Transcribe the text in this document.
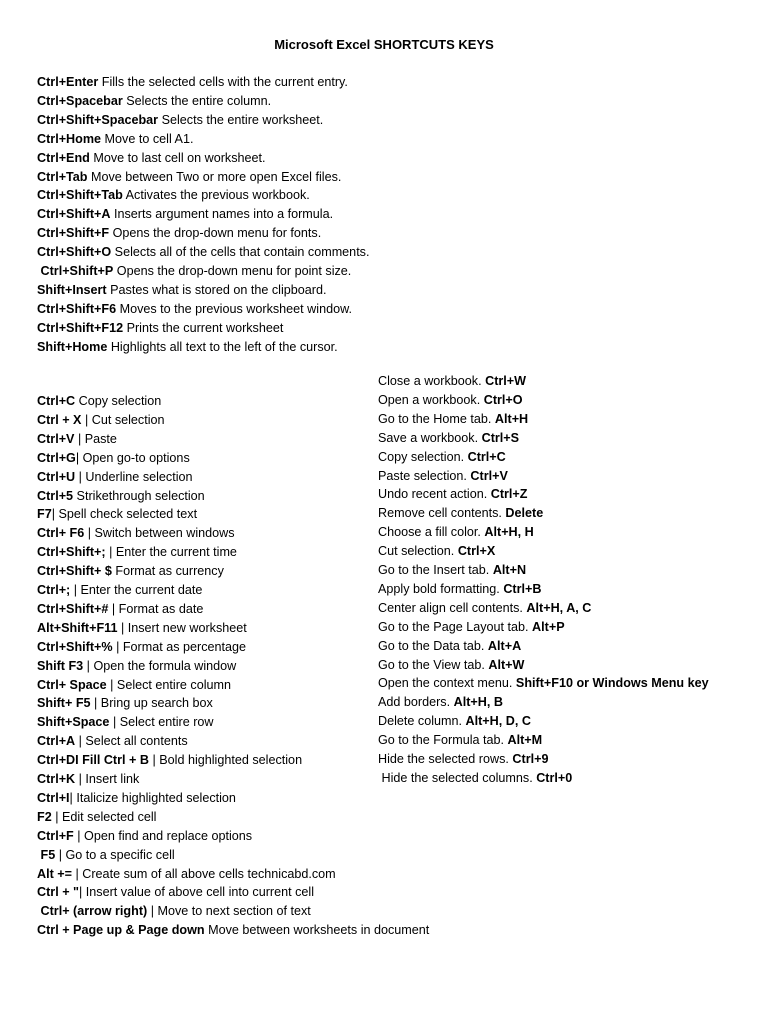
Microsoft Excel SHORTCUTS KEYS
Ctrl+Enter Fills the selected cells with the current entry.
Ctrl+Spacebar Selects the entire column.
Ctrl+Shift+Spacebar Selects the entire worksheet.
Ctrl+Home Move to cell A1.
Ctrl+End Move to last cell on worksheet.
Ctrl+Tab Move between Two or more open Excel files.
Ctrl+Shift+Tab Activates the previous workbook.
Ctrl+Shift+A Inserts argument names into a formula.
Ctrl+Shift+F Opens the drop-down menu for fonts.
Ctrl+Shift+O Selects all of the cells that contain comments.
Ctrl+Shift+P Opens the drop-down menu for point size.
Shift+Insert Pastes what is stored on the clipboard.
Ctrl+Shift+F6 Moves to the previous worksheet window.
Ctrl+Shift+F12 Prints the current worksheet
Shift+Home Highlights all text to the left of the cursor.
Ctrl+C Copy selection
Ctrl + X | Cut selection
Ctrl+V | Paste
Ctrl+G| Open go-to options
Ctrl+U | Underline selection
Ctrl+5 Strikethrough selection
F7| Spell check selected text
Ctrl+ F6 | Switch between windows
Ctrl+Shift+; | Enter the current time
Ctrl+Shift+ $ Format as currency
Ctrl+; | Enter the current date
Ctrl+Shift+# | Format as date
Alt+Shift+F11 | Insert new worksheet
Ctrl+Shift+% | Format as percentage
Shift F3 | Open the formula window
Ctrl+ Space | Select entire column
Shift+ F5 | Bring up search box
Shift+Space | Select entire row
Ctrl+A | Select all contents
Ctrl+DI Fill Ctrl + B | Bold highlighted selection
Ctrl+K | Insert link
Ctrl+I| Italicize highlighted selection
F2 | Edit selected cell
Ctrl+F | Open find and replace options
F5 | Go to a specific cell
Alt += | Create sum of all above cells technicabd.com
Ctrl + "| Insert value of above cell into current cell
Ctrl+ (arrow right) | Move to next section of text
Ctrl + Page up & Page down Move between worksheets in document
Close a workbook. Ctrl+W
Open a workbook. Ctrl+O
Go to the Home tab. Alt+H
Save a workbook. Ctrl+S
Copy selection. Ctrl+C
Paste selection. Ctrl+V
Undo recent action. Ctrl+Z
Remove cell contents. Delete
Choose a fill color. Alt+H, H
Cut selection. Ctrl+X
Go to the Insert tab. Alt+N
Apply bold formatting. Ctrl+B
Center align cell contents. Alt+H, A, C
Go to the Page Layout tab. Alt+P
Go to the Data tab. Alt+A
Go to the View tab. Alt+W
Open the context menu. Shift+F10 or Windows Menu key
Add borders. Alt+H, B
Delete column. Alt+H, D, C
Go to the Formula tab. Alt+M
Hide the selected rows. Ctrl+9
Hide the selected columns. Ctrl+0
